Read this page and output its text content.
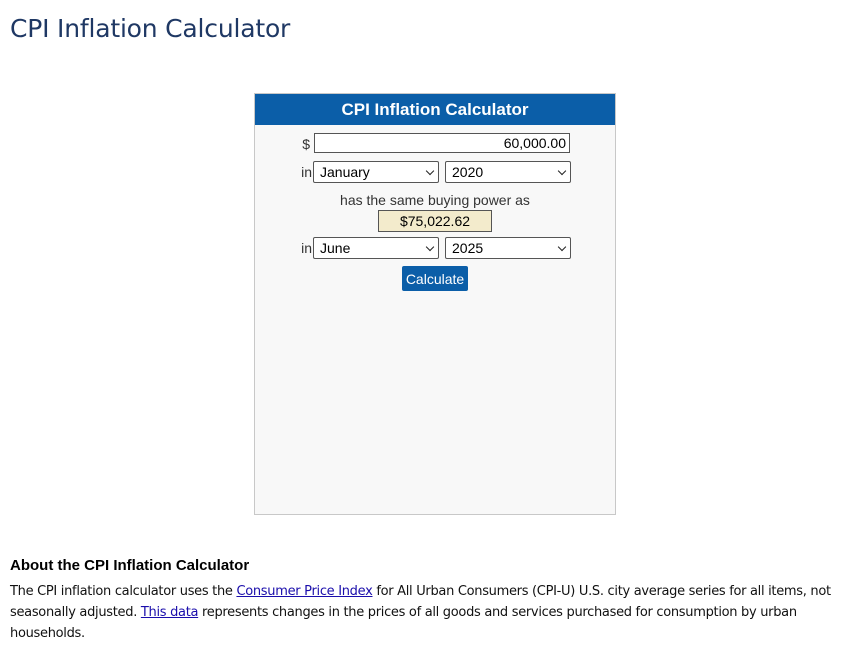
CPI Inflation Calculator
CPI Inflation Calculator
$
60,000.00
in January	2020
has the same buying power as
$75,022.62
in June	2025
Calculate
About the CPI Inflation Calculator

The CPI inflation calculator uses the Consumer Price Index for All Urban Consumers (CPI-U) U.S. city average series for all items, not seasonally adjusted. This data represents changes in the prices of all goods and services purchased for consumption by urban households.
